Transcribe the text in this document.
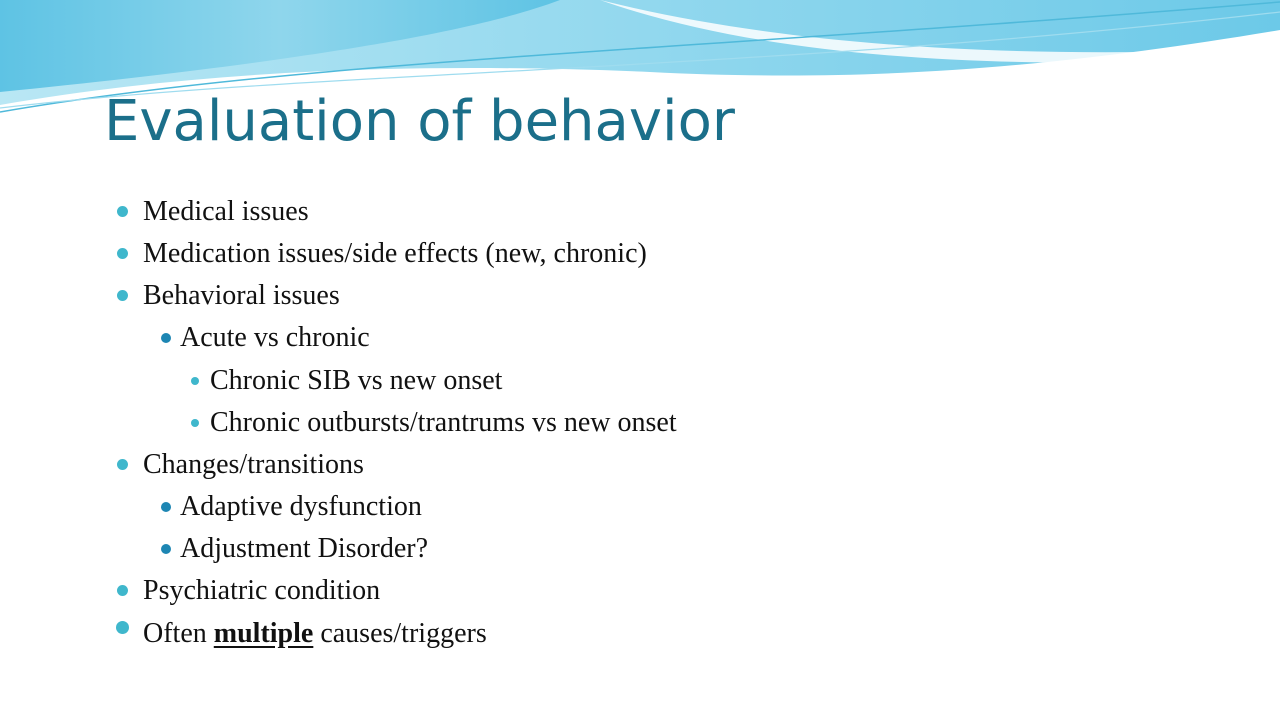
Evaluation of behavior
Medical issues
Medication issues/side effects (new, chronic)
Behavioral issues
Acute vs chronic
Chronic SIB vs new onset
Chronic outbursts/trantrums vs new onset
Changes/transitions
Adaptive dysfunction
Adjustment Disorder?
Psychiatric condition
Often multiple causes/triggers
